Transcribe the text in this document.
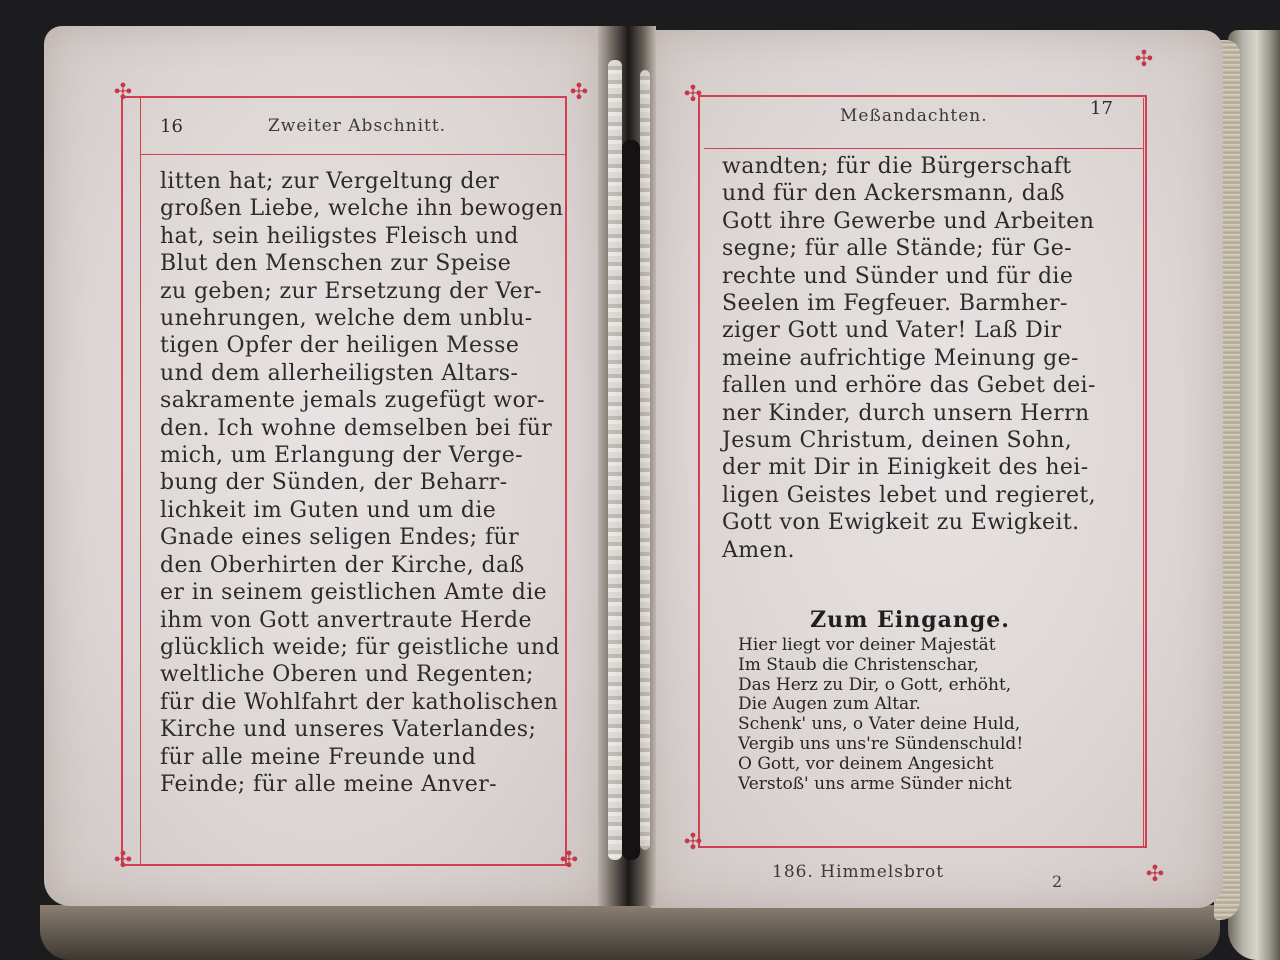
✣	✣
✣	✣
✣
✣
✣
✣
16	Zweiter Abschnitt.	Meßandachten.	17
litten hat; zur Vergeltung der
großen Liebe, welche ihn bewogen
hat, sein heiligstes Fleisch und
Blut den Menschen zur Speise
zu geben; zur Ersetzung der Ver-
unehrungen, welche dem unblu-
tigen Opfer der heiligen Messe
und dem allerheiligsten Altars-
sakramente jemals zugefügt wor-
den. Ich wohne demselben bei für
mich, um Erlangung der Verge-
bung der Sünden, der Beharr-
lichkeit im Guten und um die
Gnade eines seligen Endes; für
den Oberhirten der Kirche, daß
er in seinem geistlichen Amte die
ihm von Gott anvertraute Herde
glücklich weide; für geistliche und
weltliche Oberen und Regenten;
für die Wohlfahrt der katholischen
Kirche und unseres Vaterlandes;
für alle meine Freunde und
Feinde; für alle meine Anver-
wandten; für die Bürgerschaft
und für den Ackersmann, daß
Gott ihre Gewerbe und Arbeiten
segne; für alle Stände; für Ge-
rechte und Sünder und für die
Seelen im Fegfeuer. Barmher-
ziger Gott und Vater! Laß Dir
meine aufrichtige Meinung ge-
fallen und erhöre das Gebet dei-
ner Kinder, durch unsern Herrn
Jesum Christum, deinen Sohn,
der mit Dir in Einigkeit des hei-
ligen Geistes lebet und regieret,
Gott von Ewigkeit zu Ewigkeit.
Amen.
Zum Eingange.
Hier liegt vor deiner Majestät
Im Staub die Christenschar,
Das Herz zu Dir, o Gott, erhöht,
Die Augen zum Altar.
Schenk' uns, o Vater deine Huld,
Vergib uns uns're Sündenschuld!
O Gott, vor deinem Angesicht
Verstoß' uns arme Sünder nicht
186. Himmelsbrot	2
